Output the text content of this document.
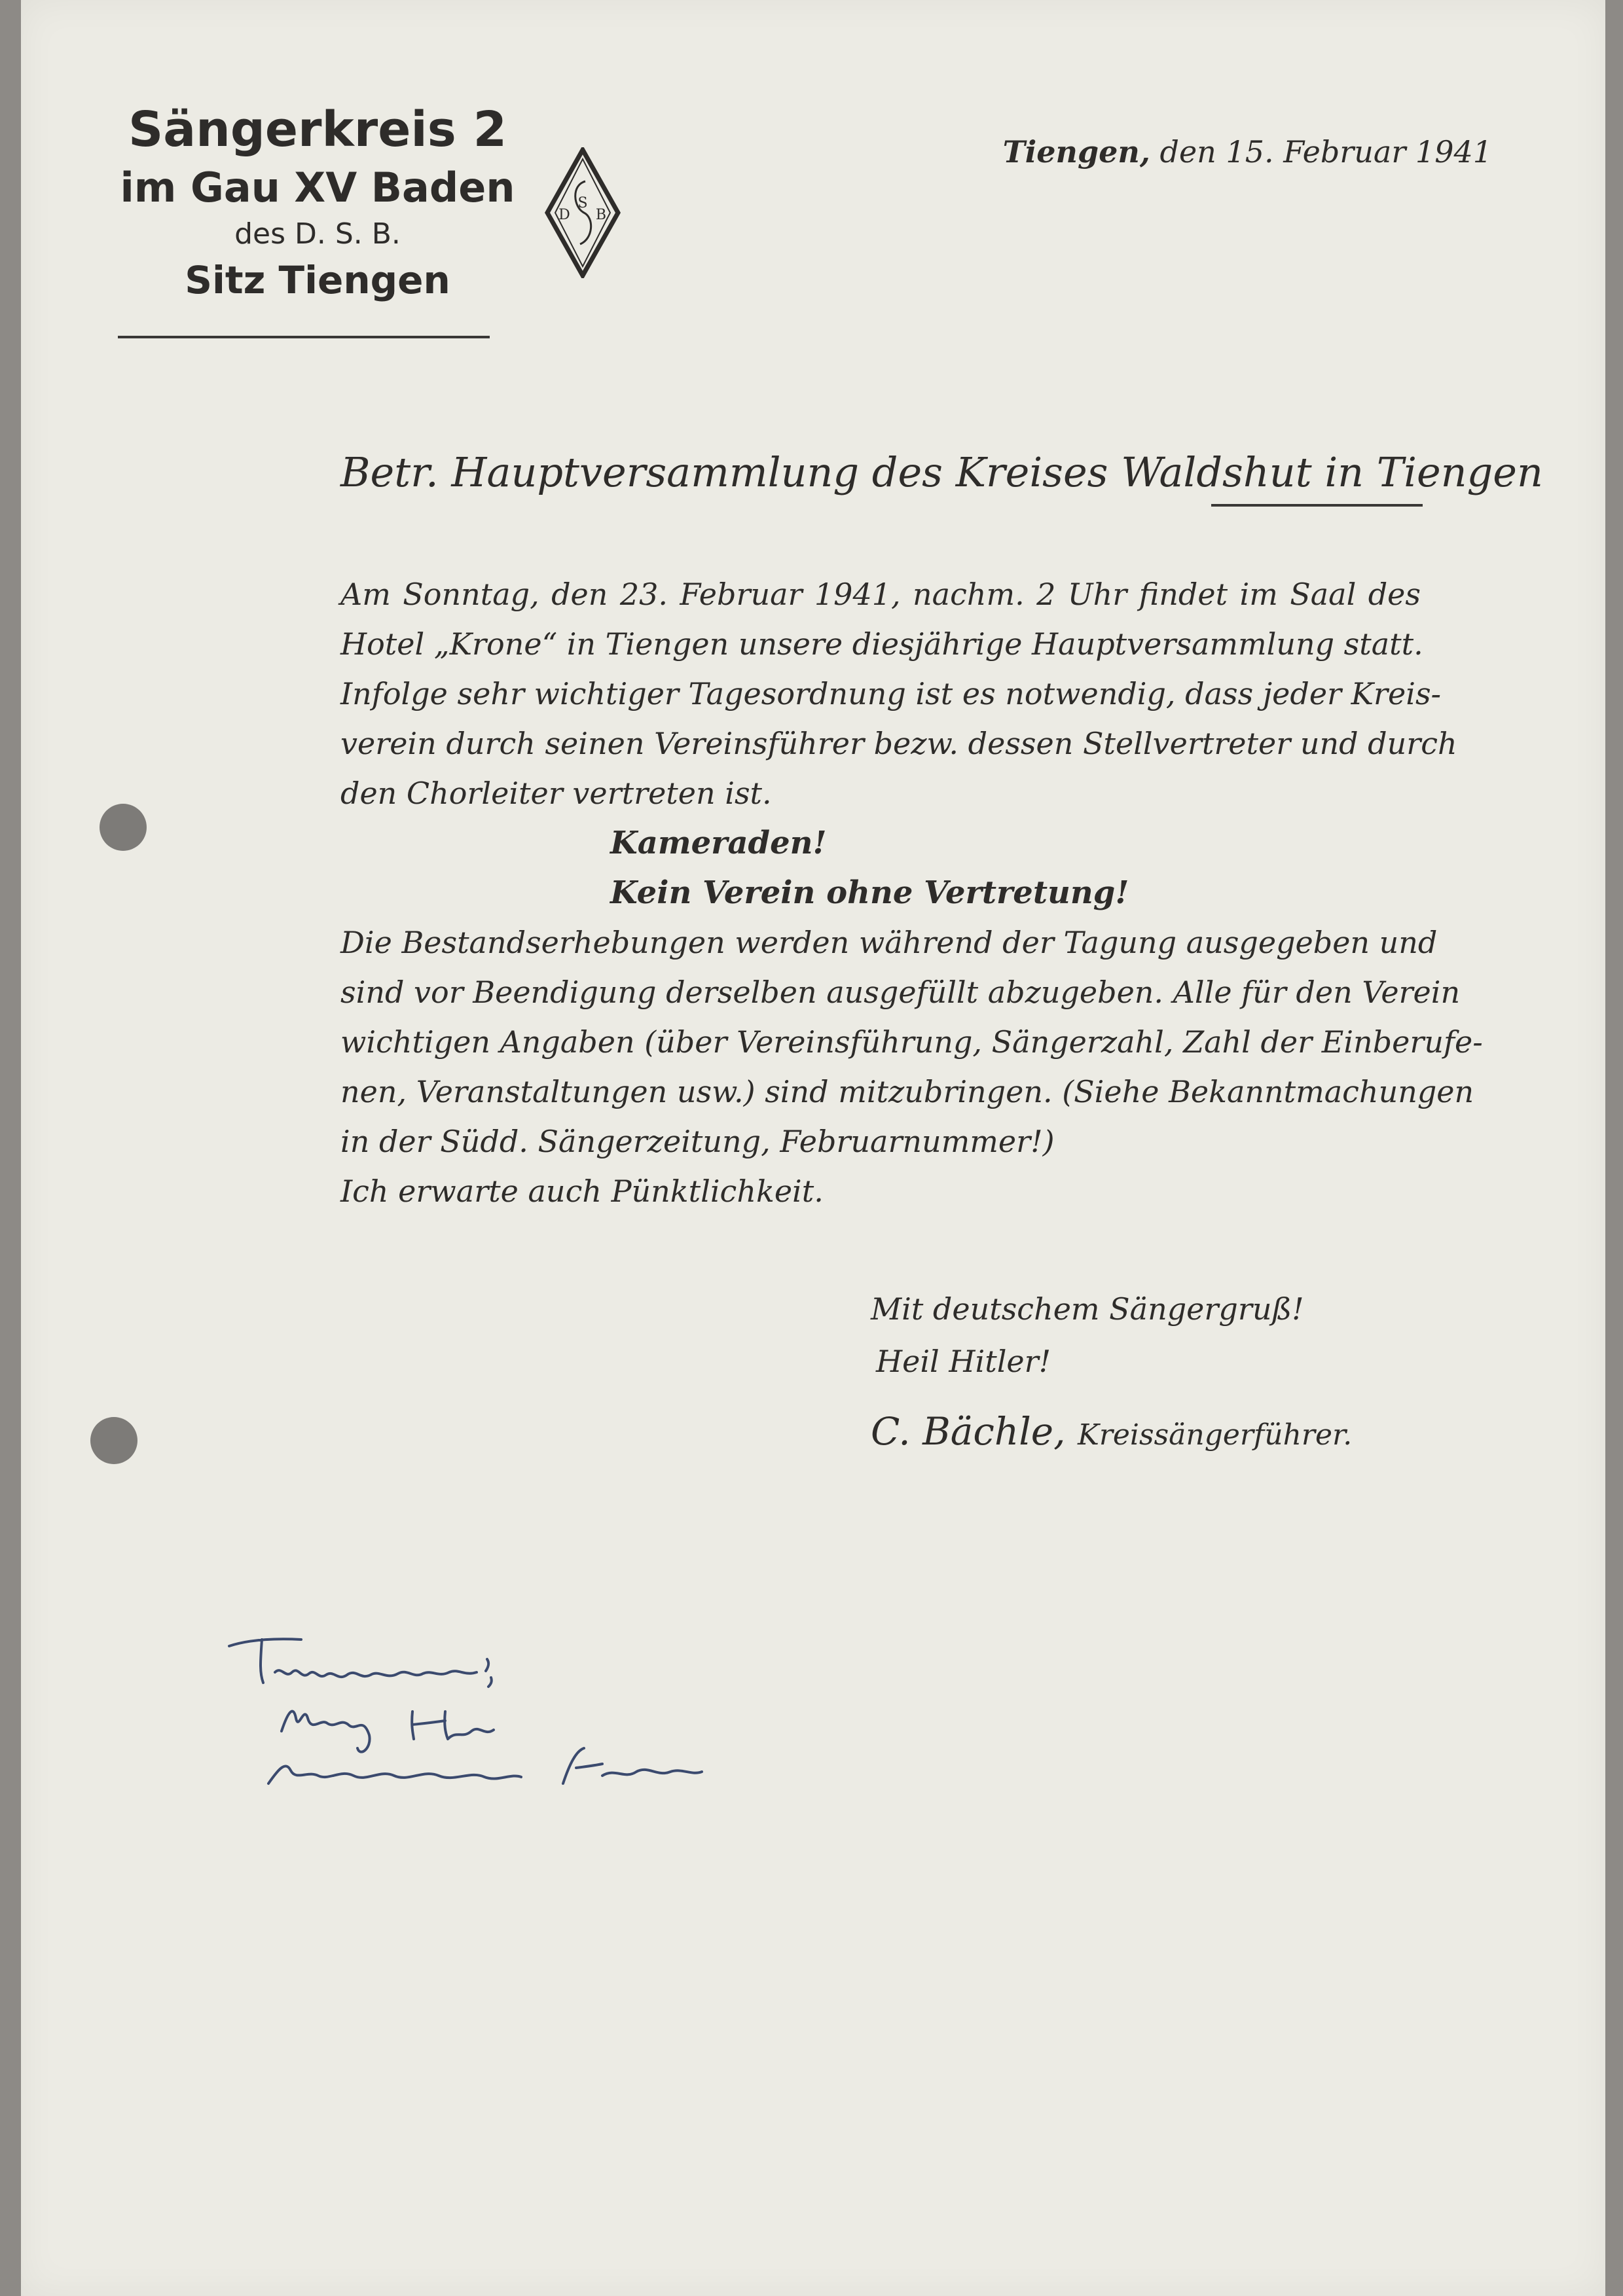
Sängerkreis 2
im Gau XV Baden
des D. S. B.
Sitz Tiengen
D
S
B
Tiengen, den 15. Februar 1941
Betr. Hauptversammlung des Kreises Waldshut in Tiengen
Am Sonntag, den 23. Februar 1941, nachm. 2 Uhr findet im Saal des
Hotel „Krone“ in Tiengen unsere diesjährige Hauptversammlung statt.
Infolge sehr wichtiger Tagesordnung ist es notwendig, dass jeder Kreis-
verein durch seinen Vereinsführer bezw. dessen Stellvertreter und durch
den Chorleiter vertreten ist.
Kameraden!
Kein Verein ohne Vertretung!
Die Bestandserhebungen werden während der Tagung ausgegeben und
sind vor Beendigung derselben ausgefüllt abzugeben. Alle für den Verein
wichtigen Angaben (über Vereinsführung, Sängerzahl, Zahl der Einberufe-
nen, Veranstaltungen usw.) sind mitzubringen. (Siehe Bekanntmachungen
in der Südd. Sängerzeitung, Februarnummer!)
Ich erwarte auch Pünktlichkeit.
Mit deutschem Sängergruß!
Heil Hitler!
C. Bächle, Kreissängerführer.
